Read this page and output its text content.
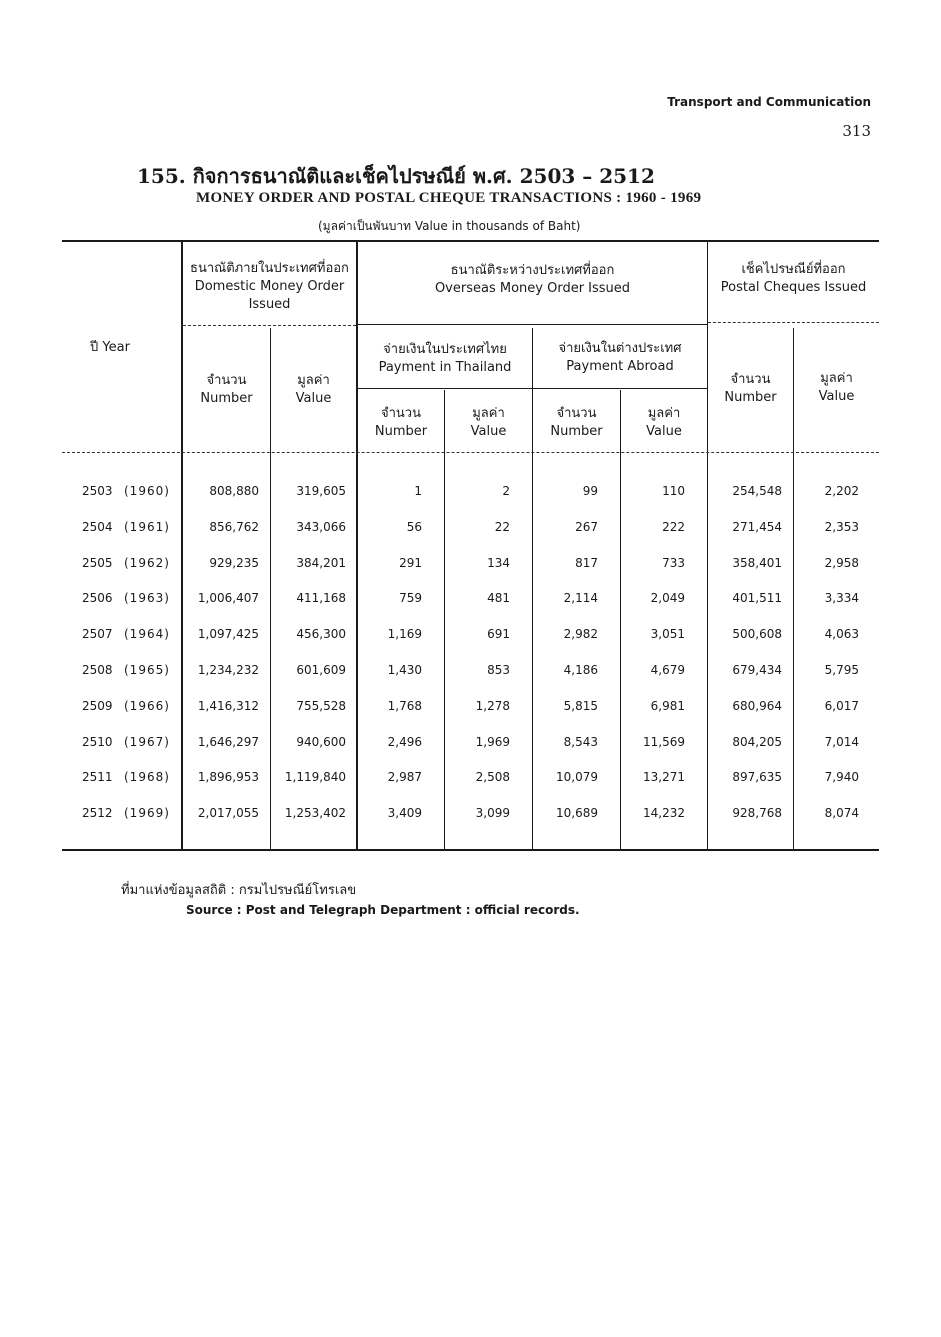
Transport and Communication
313
155. กิจการธนาณัติและเช็คไปรษณีย์ พ.ศ. 2503 – 2512
MONEY ORDER AND POSTAL CHEQUE TRANSACTIONS : 1960 - 1969
(มูลค่าเป็นพันบาท Value in thousands of Baht)
ปี Year
ธนาณัติภายในประเทศที่ออก
Domestic Money Order
Issued
ธนาณัติระหว่างประเทศที่ออก
Overseas Money Order Issued
เช็คไปรษณีย์ที่ออก
Postal Cheques Issued
จ่ายเงินในประเทศไทย
Payment in Thailand
จ่ายเงินในต่างประเทศ
Payment Abroad
จำนวน
Number
มูลค่า
Value
จำนวน
Number
มูลค่า
Value
จำนวน
Number
มูลค่า
Value
จำนวน
Number
มูลค่า
Value
2503 (1960)	808,880	319,605	1	2	99	110	254,548	2,202
2504 (1961)	856,762	343,066	56	22	267	222	271,454	2,353
2505 (1962)	929,235	384,201	291	134	817	733	358,401	2,958
2506 (1963) 1,006,407	411,168	759	481	2,114	2,049	401,511	3,334
2507 (1964) 1,097,425	456,300	1,169	691	2,982	3,051	500,608	4,063
2508 (1965) 1,234,232	601,609	1,430	853	4,186	4,679	679,434	5,795
2509 (1966) 1,416,312	755,528	1,768	1,278	5,815	6,981	680,964	6,017
2510 (1967) 1,646,297	940,600	2,496	1,969	8,543	11,569	804,205	7,014
2511 (1968) 1,896,953 1,119,840	2,987	2,508	10,079	13,271	897,635	7,940
2512 (1969) 2,017,055 1,253,402	3,409	3,099	10,689	14,232	928,768	8,074
ที่มาแห่งข้อมูลสถิติ : กรมไปรษณีย์โทรเลข
Source : Post and Telegraph Department : official records.
